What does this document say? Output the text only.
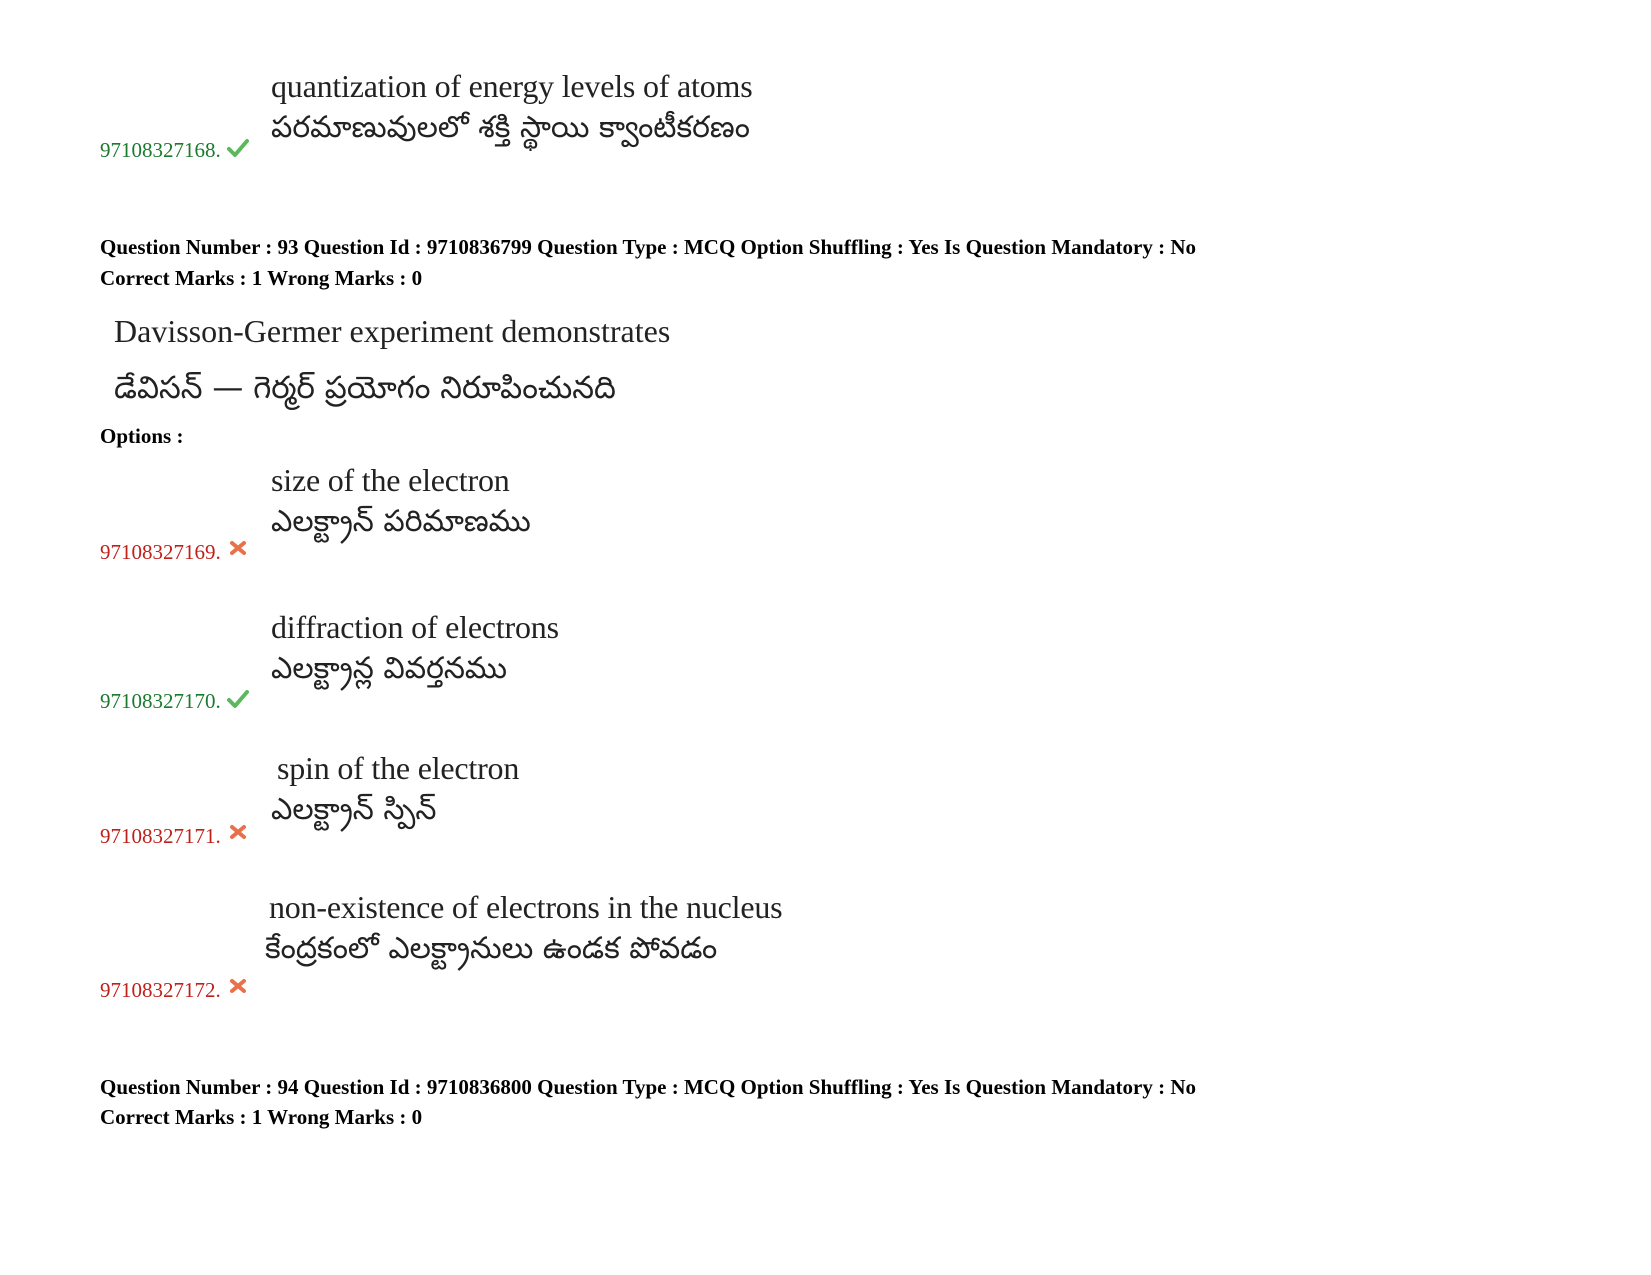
quantization of energy levels of atoms
పరమాణువులలో శక్తి స్థాయి క్వాంటీకరణం
97108327168.
Question Number : 93 Question Id : 9710836799 Question Type : MCQ Option Shuffling : Yes Is Question Mandatory : No
Correct Marks : 1 Wrong Marks : 0
Davisson-Germer experiment demonstrates
డేవిసన్ — గెర్మర్ ప్రయోగం నిరూపించునది
Options :
size of the electron
ఎలక్ట్రాన్ పరిమాణము
97108327169.
diffraction of electrons
ఎలక్ట్రాన్ల వివర్తనము
97108327170.
spin of the electron
ఎలక్ట్రాన్ స్పిన్
97108327171.
non-existence of electrons in the nucleus
కేంద్రకంలో ఎలక్ట్రానులు ఉండక పోవడం
97108327172.
Question Number : 94 Question Id : 9710836800 Question Type : MCQ Option Shuffling : Yes Is Question Mandatory : No
Correct Marks : 1 Wrong Marks : 0
